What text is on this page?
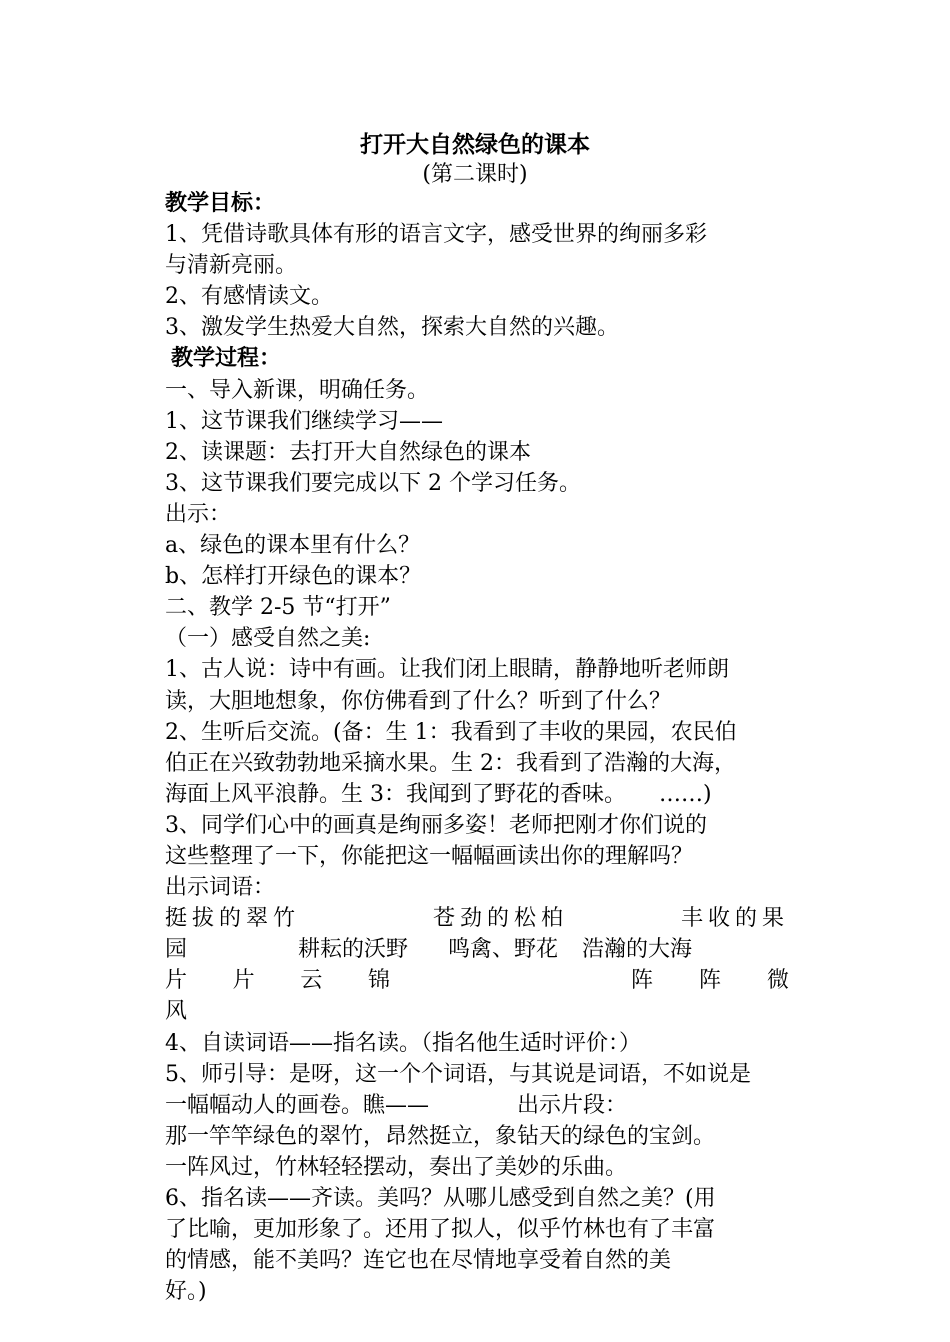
打开大自然绿色的课本
(第二课时)
教学目标：
1、凭借诗歌具体有形的语言文字，感受世界的绚丽多彩
与清新亮丽。
2、有感情读文。
3、激发学生热爱大自然，探索大自然的兴趣。
教学过程：
一、导入新课，明确任务。
1、这节课我们继续学习——
2、读课题：去打开大自然绿色的课本
3、这节课我们要完成以下 2 个学习任务。
出示：
a、绿色的课本里有什么？
b、怎样打开绿色的课本？
二、教学 2-5 节“打开”
（一）感受自然之美:
1、古人说：诗中有画。让我们闭上眼睛，静静地听老师朗
读，大胆地想象，你仿佛看到了什么？听到了什么？
2、生听后交流。(备：生 1：我看到了丰收的果园，农民伯
伯正在兴致勃勃地采摘水果。生 2：我看到了浩瀚的大海，
海面上风平浪静。生 3：我闻到了野花的香味。　　……)
3、同学们心中的画真是绚丽多姿！老师把刚才你们说的
这些整理了一下，你能把这一幅幅画读出你的理解吗？
出示词语：
挺拔的翠竹	苍劲的松柏	丰收的果
园	耕耘的沃野	鸣禽、野花	浩瀚的大海
片 片 云 锦	阵 阵 微
风
4、自读词语——指名读。（指名他生适时评价：）
5、师引导：是呀，这一个个词语，与其说是词语，不如说是
一幅幅动人的画卷。瞧——　　　　出示片段：
那一竿竿绿色的翠竹，昂然挺立，象钻天的绿色的宝剑。
一阵风过，竹林轻轻摆动，奏出了美妙的乐曲。
6、指名读——齐读。美吗？从哪儿感受到自然之美？(用
了比喻，更加形象了。还用了拟人，似乎竹林也有了丰富
的情感，能不美吗？连它也在尽情地享受着自然的美
好。)
